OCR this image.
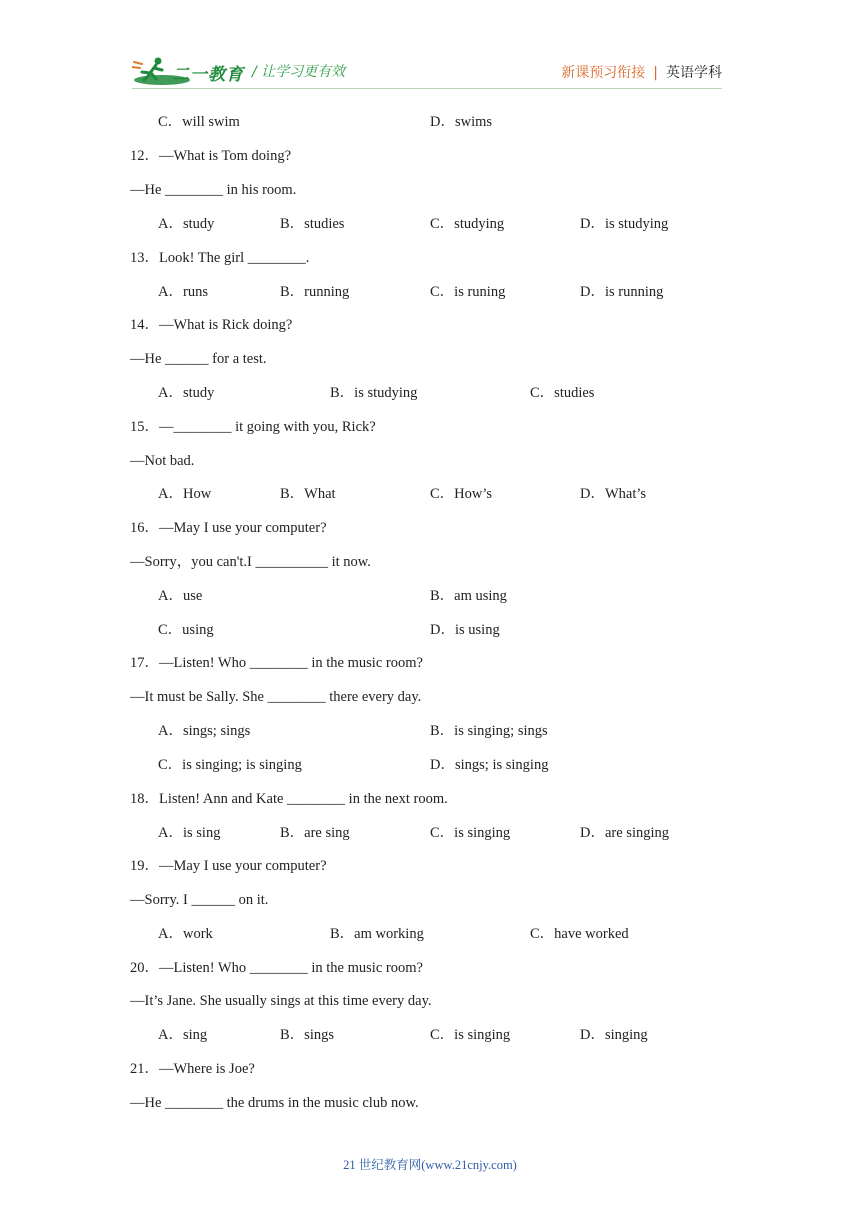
二一教育 / 让学习更有效	新课预习衔接 | 英语学科
C．will swim	D．swims
12．—What is Tom doing?
—He ________ in his room.
A．study	B．studies	C．studying	D．is studying
13．Look! The girl ________.
A．runs	B．running	C．is runing	D．is running
14．—What is Rick doing?
—He ______ for a test.
A．study	B．is studying	C．studies
15．—________ it going with you, Rick?
—Not bad.
A．How	B．What	C．How’s	D．What’s
16．—May I use your computer?
—Sorry，you can't.I __________ it now.
A．use	B．am using
C．using	D．is using
17．—Listen! Who ________ in the music room?
—It must be Sally. She ________ there every day.
A．sings; sings	B．is singing; sings
C．is singing; is singing	D．sings; is singing
18．Listen! Ann and Kate ________ in the next room.
A．is sing	B．are sing	C．is singing	D．are singing
19．—May I use your computer?
—Sorry. I ______ on it.
A．work	B．am working	C．have worked
20．—Listen! Who ________ in the music room?
—It’s Jane. She usually sings at this time every day.
A．sing	B．sings	C．is singing	D．singing
21．—Where is Joe?
—He ________ the drums in the music club now.
21 世纪教育网(www.21cnjy.com)
